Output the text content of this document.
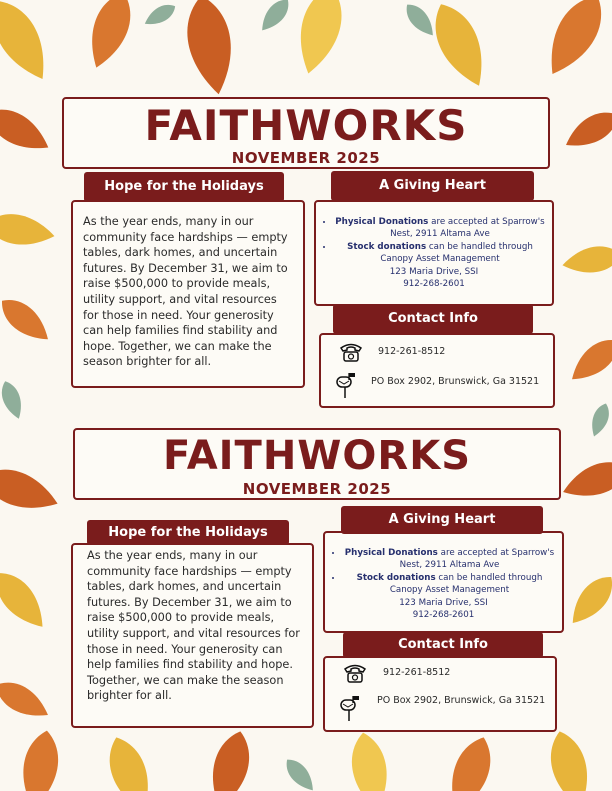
FAITHWORKS
NOVEMBER 2025
As the year ends, many in our community face hardships — empty tables, dark homes, and uncertain futures. By December 31, we aim to raise $500,000 to provide meals, utility support, and vital resources for those in need. Your generosity can help families find stability and hope. Together, we can make the season brighter for all.
Hope for the Holidays
• Physical Donations are accepted at Sparrow's Nest, 2911 Altama Ave
• Stock donations can be handled through Canopy Asset Management
123 Maria Drive, SSI
912-268-2601
A Giving Heart
912-261-8512
PO Box 2902, Brunswick, Ga 31521
Contact Info
FAITHWORKS
NOVEMBER 2025
As the year ends, many in our community face hardships — empty tables, dark homes, and uncertain futures. By December 31, we aim to raise $500,000 to provide meals, utility support, and vital resources for those in need. Your generosity can help families find stability and hope. Together, we can make the season brighter for all.
Hope for the Holidays
• Physical Donations are accepted at Sparrow's Nest, 2911 Altama Ave
• Stock donations can be handled through Canopy Asset Management
123 Maria Drive, SSI
912-268-2601
A Giving Heart
912-261-8512
PO Box 2902, Brunswick, Ga 31521
Contact Info
